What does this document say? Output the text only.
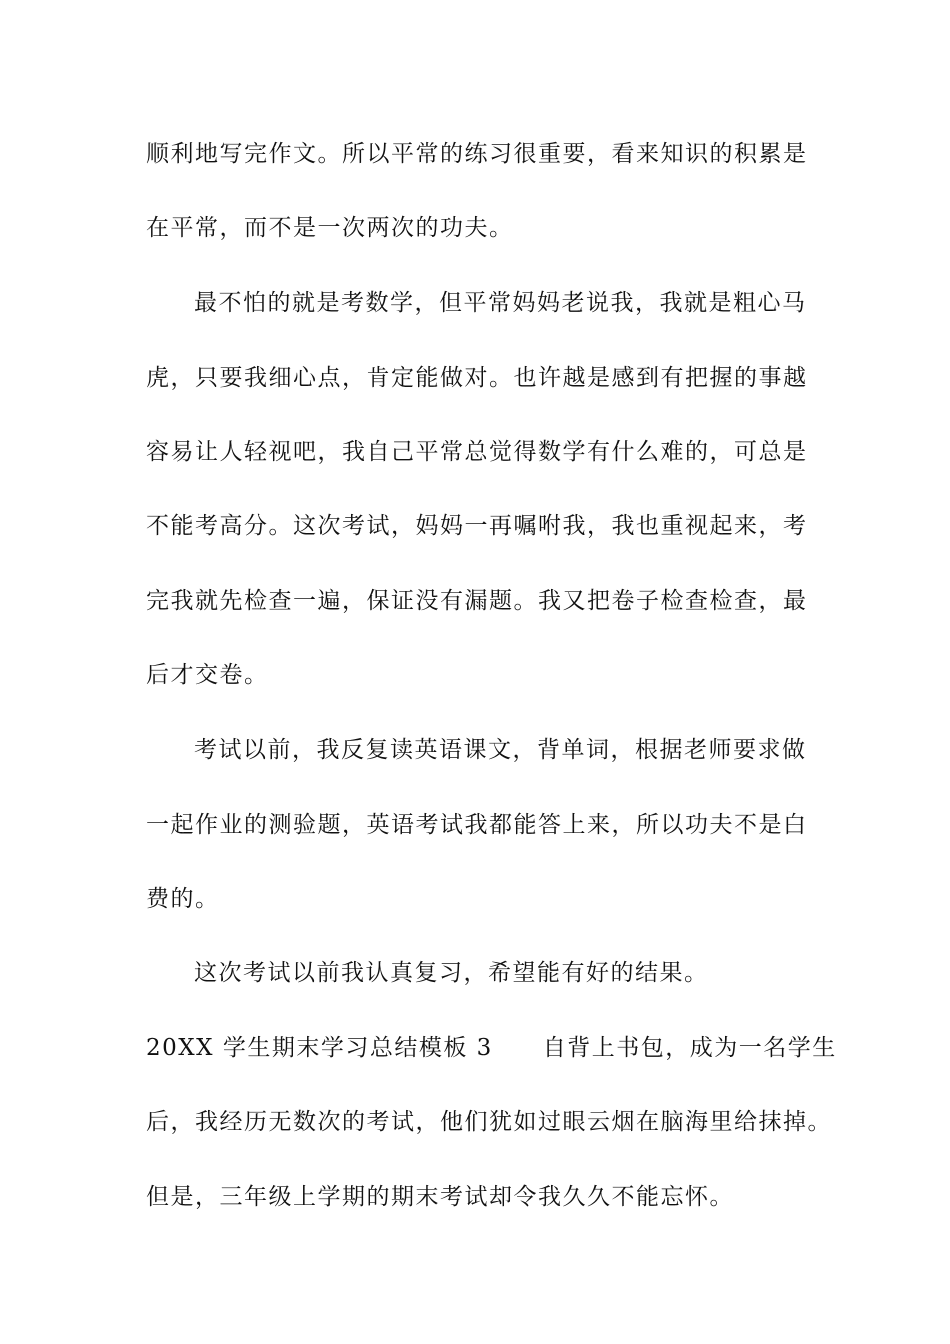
顺利地写完作文。所以平常的练习很重要，看来知识的积累是
在平常，而不是一次两次的功夫。
最不怕的就是考数学，但平常妈妈老说我，我就是粗心马
虎，只要我细心点，肯定能做对。也许越是感到有把握的事越
容易让人轻视吧，我自己平常总觉得数学有什么难的，可总是
不能考高分。这次考试，妈妈一再嘱咐我，我也重视起来，考
完我就先检查一遍，保证没有漏题。我又把卷子检查检查，最
后才交卷。
考试以前，我反复读英语课文，背单词，根据老师要求做
一起作业的测验题，英语考试我都能答上来，所以功夫不是白
费的。
这次考试以前我认真复习，希望能有好的结果。
20XX 学生期末学习总结模板 3 自背上书包，成为一名学生
后，我经历无数次的考试，他们犹如过眼云烟在脑海里给抹掉。
但是，三年级上学期的期末考试却令我久久不能忘怀。
